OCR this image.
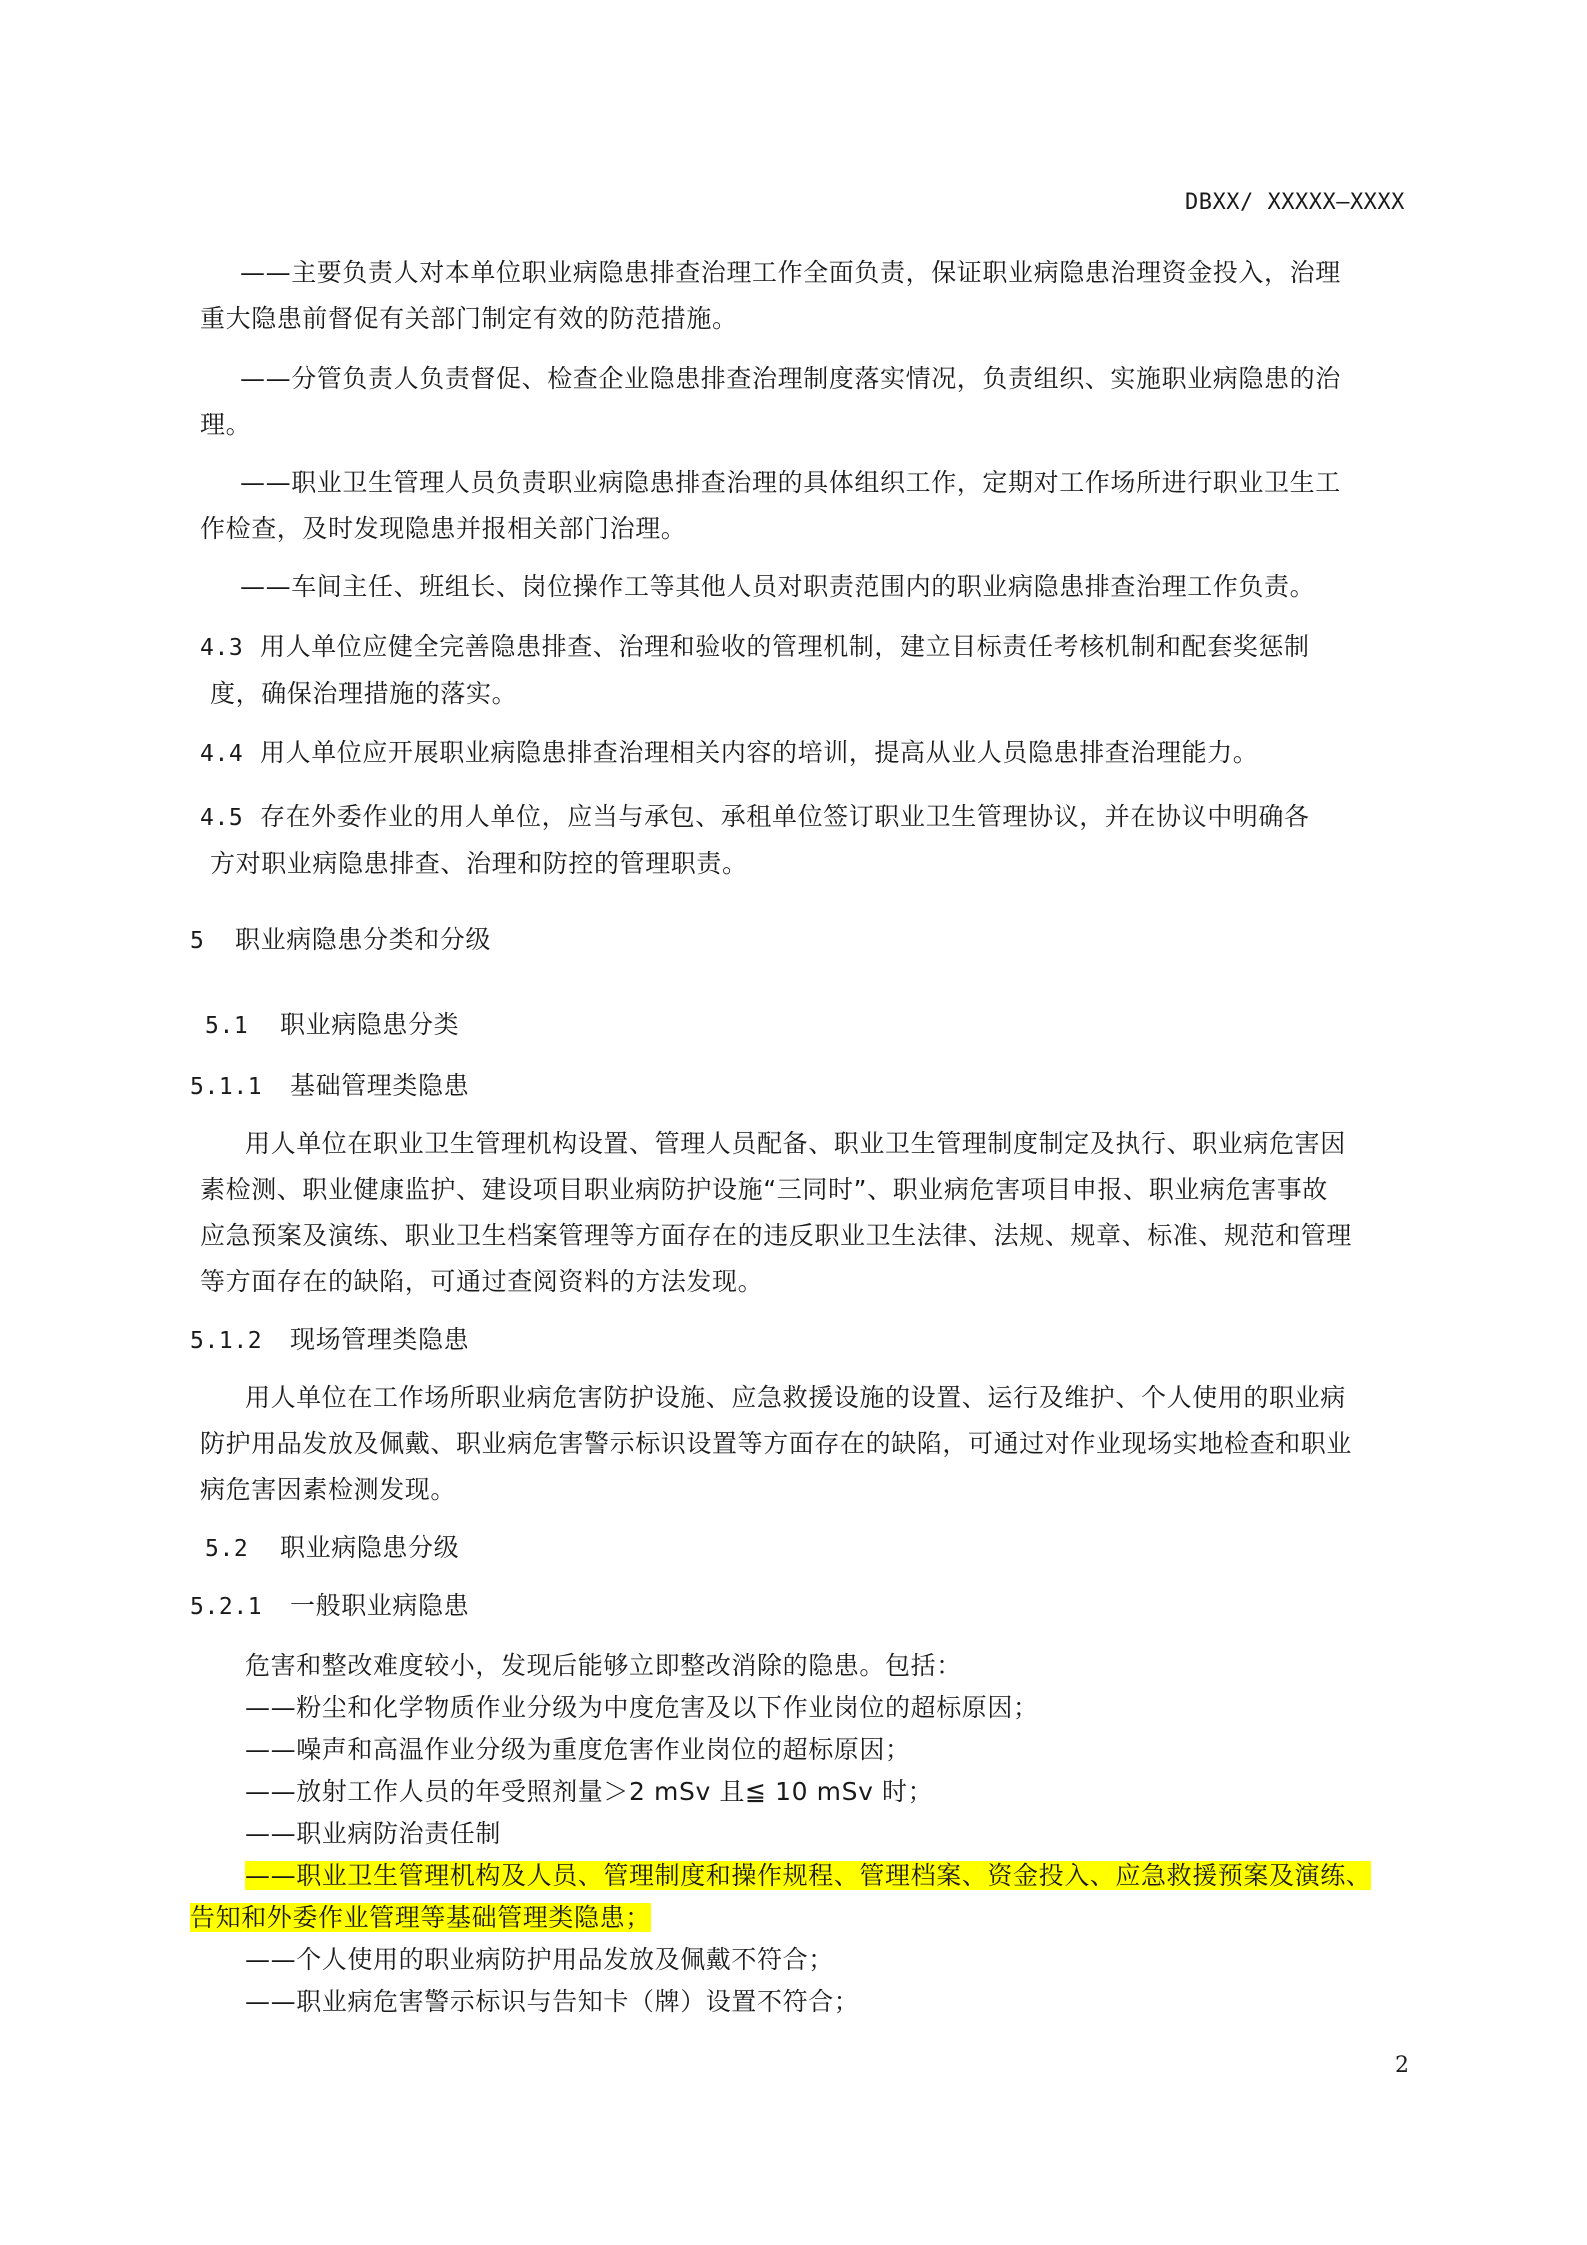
DBXX/ XXXXX—XXXX

——主要负责人对本单位职业病隐患排查治理工作全面负责，保证职业病隐患治理资金投入，治理
重大隐患前督促有关部门制定有效的防范措施。

——分管负责人负责督促、检查企业隐患排查治理制度落实情况，负责组织、实施职业病隐患的治
理。

——职业卫生管理人员负责职业病隐患排查治理的具体组织工作，定期对工作场所进行职业卫生工
作检查，及时发现隐患并报相关部门治理。

——车间主任、班组长、岗位操作工等其他人员对职责范围内的职业病隐患排查治理工作负责。

4.3 用人单位应健全完善隐患排查、治理和验收的管理机制，建立目标责任考核机制和配套奖惩制
度，确保治理措施的落实。

4.4 用人单位应开展职业病隐患排查治理相关内容的培训，提高从业人员隐患排查治理能力。

4.5 存在外委作业的用人单位，应当与承包、承租单位签订职业卫生管理协议，并在协议中明确各
方对职业病隐患排查、治理和防控的管理职责。

5 职业病隐患分类和分级
5.1 职业病隐患分类
5.1.1 基础管理类隐患
用人单位在职业卫生管理机构设置、管理人员配备、职业卫生管理制度制定及执行、职业病危害因
素检测、职业健康监护、建设项目职业病防护设施“三同时”、职业病危害项目申报、职业病危害事故
应急预案及演练、职业卫生档案管理等方面存在的违反职业卫生法律、法规、规章、标准、规范和管理
等方面存在的缺陷，可通过查阅资料的方法发现。
5.1.2 现场管理类隐患
用人单位在工作场所职业病危害防护设施、应急救援设施的设置、运行及维护、个人使用的职业病
防护用品发放及佩戴、职业病危害警示标识设置等方面存在的缺陷，可通过对作业现场实地检查和职业
病危害因素检测发现。
5.2 职业病隐患分级
5.2.1 一般职业病隐患
危害和整改难度较小，发现后能够立即整改消除的隐患。包括：
——粉尘和化学物质作业分级为中度危害及以下作业岗位的超标原因；
——噪声和高温作业分级为重度危害作业岗位的超标原因；
——放射工作人员的年受照剂量＞2 mSv 且≦ 10 mSv 时；
——职业病防治责任制
——职业卫生管理机构及人员、管理制度和操作规程、管理档案、资金投入、应急救援预案及演练、
告知和外委作业管理等基础管理类隐患；
——个人使用的职业病防护用品发放及佩戴不符合；
——职业病危害警示标识与告知卡（牌）设置不符合；
2
